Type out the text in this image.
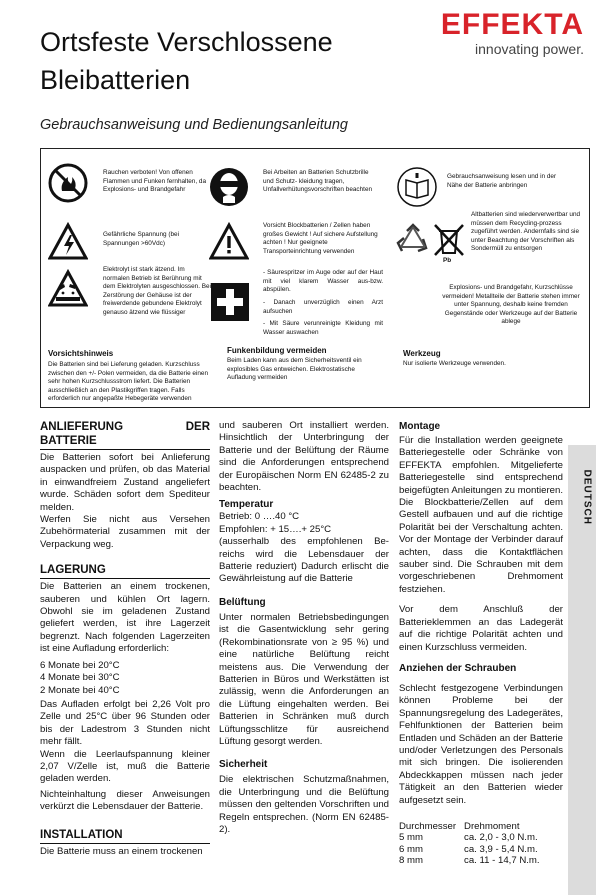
Ortsfeste Verschlossene
Bleibatterien
EFFEKTA
innovating power.
Gebrauchsanweisung und Bedienungsanleitung
Rauchen verboten! Von offenen Flammen und Funken fernhalten, da Explosions- und Brandgefahr
Bei Arbeiten an Batterien Schutzbrille und Schutz- kleidung tragen, Unfallverhütungsvorschriften beachten
Gebrauchsanweisung lesen und in der Nähe der Batterie anbringen
Gefährliche Spannung (bei Spannungen >60Vdc)
Vorsicht Blockbatterien / Zellen haben großes Gewicht ! Auf sichere Aufstellung achten ! Nur geeignete Transporteinrichtung verwenden
Pb
Altbatterien sind wiederverwertbar und müssen dem Recycling-prozess zugeführt werden. Andernfalls sind sie unter Beachtung der Vorschriften als Sondermüll zu entsorgen
Elektrolyt ist stark ätzend. Im normalen Betrieb ist Berührung mit dem Elektrolyten ausgeschlossen. Bei Zerstörung der Gehäuse ist der freiwerdende gebundene Elektrolyt genauso ätzend wie flüssiger
- Säurespritzer im Auge oder auf der Haut mit viel klarem Wasser aus-bzw. abspülen.
- Danach unverzüglich einen Arzt aufsuchen
- Mit Säure verunreinigte Kleidung mit Wasser auswachen
Explosions- und Brandgefahr, Kurzschlüsse vermeiden! Metallteile der Batterie stehen immer unter Spannung, deshalb keine fremden Gegenstände oder Werkzeuge auf der Batterie ablege
Vorsichtshinweis
Die Batterien sind bei Lieferung geladen. Kurzschluss zwischen den +/- Polen vermeiden, da die Batterie einen sehr hohen Kurzschlussstrom liefert. Die Batterien ausschließlich an den Plastikgriffen tragen. Falls erforderlich nur angepaßte Hebegeräte verwenden
Funkenbildung vermeiden
Beim Laden kann aus dem Sicherheitsventil ein explosibles Gas entweichen. Elektrostatische Aufladung vermeiden
Werkzeug
Nur isolierte Werkzeuge verwenden.

ANLIEFERUNG DER BATTERIE

Die Batterien sofort bei Anlieferung auspacken und prüfen, ob das Material in einwandfreiem Zustand angeliefert wurde. Schäden sofort dem Spediteur melden.

Werfen Sie nicht aus Versehen Zubehörmaterial zusammen mit der Verpackung weg.

LAGERUNG

Die Batterien an einem trockenen, sauberen und kühlen Ort lagern. Obwohl sie im geladenen Zustand geliefert werden, ist ihre Lagerzeit begrenzt. Nach folgenden Lagerzeiten ist eine Aufladung erforderlich:

6 Monate bei 20°C

4 Monate bei 30°C

2 Monate bei 40°C

Das Aufladen erfolgt bei 2,26 Volt pro Zelle und 25°C über 96 Stunden oder bis der Ladestrom 3 Stunden nicht mehr fällt.

Wenn die Leerlaufspannung kleiner 2,07 V/Zelle ist, muß die Batterie geladen werden.

Nichteinhaltung dieser Anweisungen verkürzt die Lebensdauer der Batterie.

INSTALLATION

Die Batterie muss an einem trockenen

und sauberen Ort installiert werden. Hinsichtlich der Unterbringung der Batterie und der Belüftung der Räume sind die Anforderungen entsprechend der Europäischen Norm EN 62485-2 zu beachten.

Temperatur

Betrieb: 0 ….40 °C

Empfohlen: + 15….+ 25°C

(ausserhalb des empfohlenen Be- reichs wird die Lebensdauer der Batterie reduziert) Dadurch erlischt die Gewährleistung auf die Batterie

Belüftung

Unter normalen Betriebsbedingungen ist die Gasentwicklung sehr gering (Rekombinationsrate von ≥ 95 %) und eine natürliche Belüftung reicht meistens aus. Die Verwendung der Batterien in Büros und Werkstätten ist zulässig, wenn die Anforderungen an die Lüftung eingehalten werden. Bei Batterien in Schränken muß durch Lüftungsschlitze für ausreichend Lüftung gesorgt werden.

Sicherheit

Die elektrischen Schutzmaßnahmen, die Unterbringung und die Belüftung müssen den geltenden Vorschriften und Regeln entsprechen. (Norm EN 62485-2).

Montage

Für die Installation werden geeignete Batteriegestelle oder Schränke von EFFEKTA empfohlen. Mitgelieferte Batteriegestelle sind entsprechend beigefügten Anleitungen zu montieren. Die Blockbatterie/Zellen auf dem Gestell aufbauen und auf die richtige Polarität bei der Verschaltung achten. Vor der Montage der Verbinder darauf achten, dass die Kontaktflächen sauber sind. Die Schrauben mit dem vorgeschriebenen Drehmoment festziehen.

Vor dem Anschluß der Batterieklemmen an das Ladegerät auf die richtige Polarität achten und einen Kurzschluss vermeiden.

Anziehen der Schrauben

Schlecht festgezogene Verbindungen können Probleme bei der Spannungsregelung des Ladegerätes, Fehlfunktionen der Batterien beim Entladen und Schäden an der Batterie und/oder Verletzungen des Personals mit sich bringen. Die isolierenden Abdeckkappen müssen nach jeder Tätigkeit an den Batterien wieder aufgesetzt sein.

Durchmesser	Drehmoment
5 mm	ca. 2,0 - 3,0 N.m.
6 mm	ca. 3,9 - 5,4 N.m.
8 mm	ca. 11 - 14,7 N.m.
DEUTSCH
